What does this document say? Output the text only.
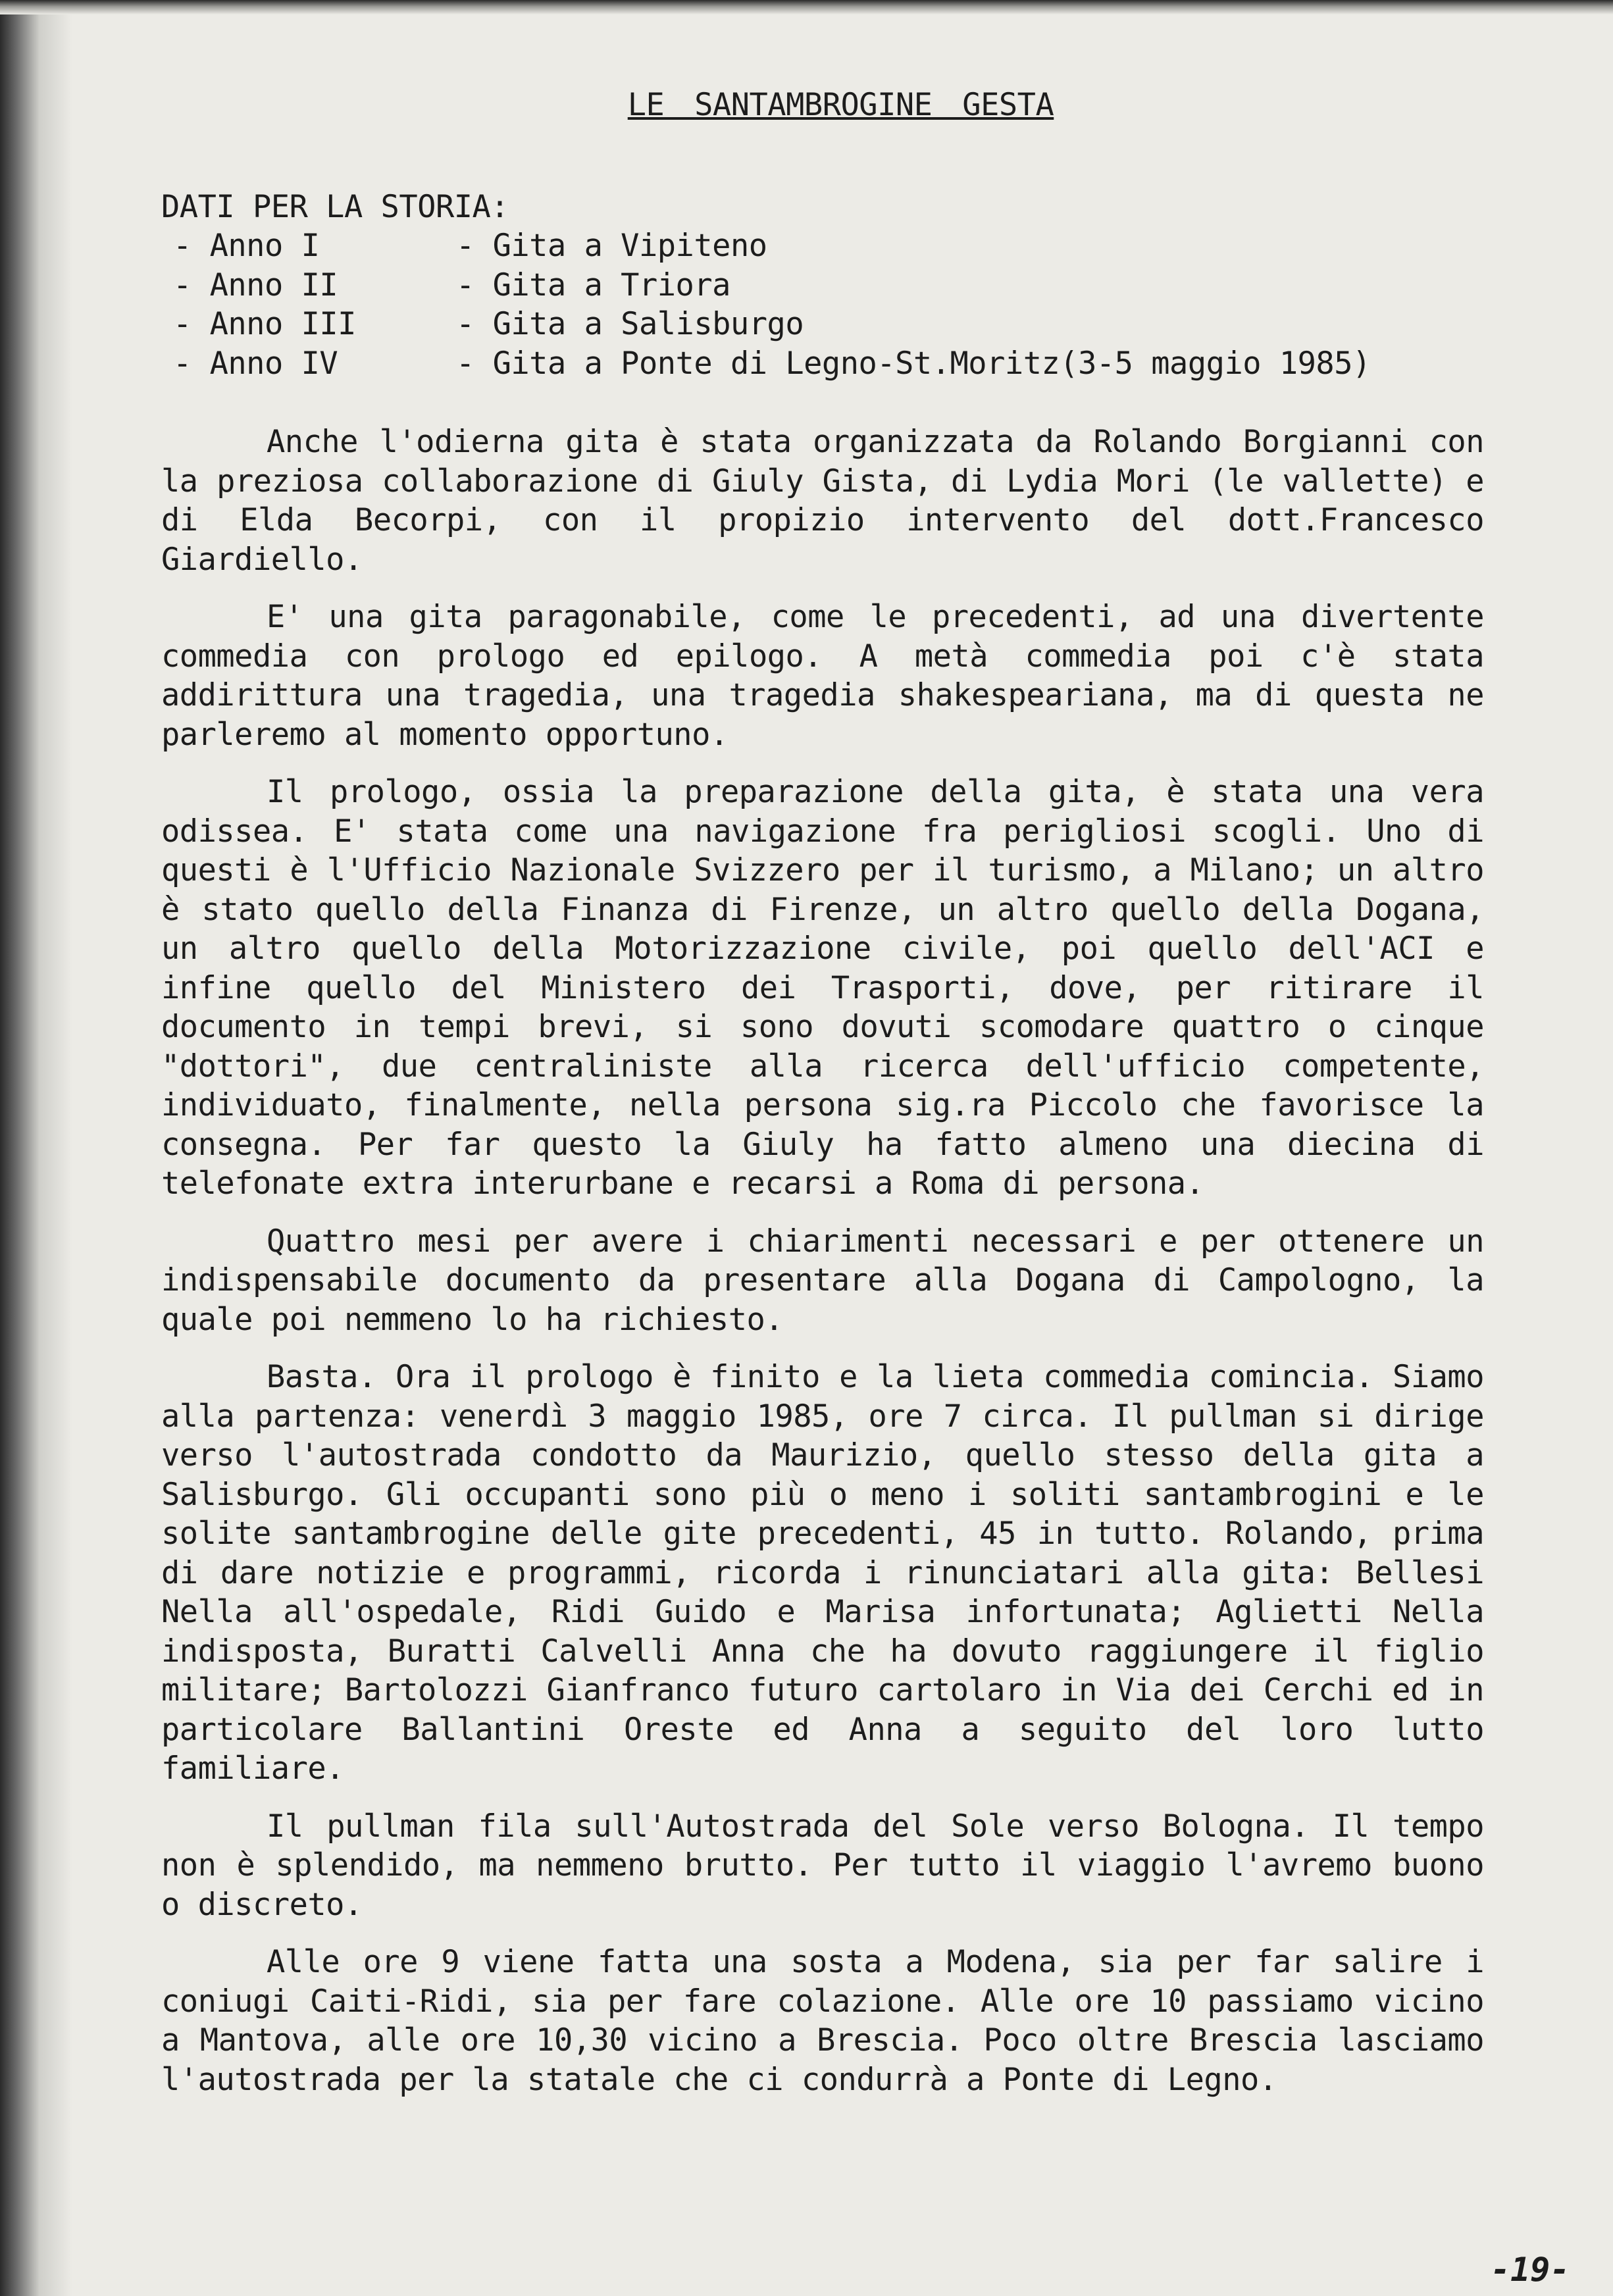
LE SANTAMBROGINE GESTA
DATI PER LA STORIA:
- Anno I	- Gita a Vipiteno
- Anno II	- Gita a Triora
- Anno III	- Gita a Salisburgo
- Anno IV	- Gita a Ponte di Legno-St.Moritz(3-5 maggio 1985)

Anche l'odierna gita è stata organizzata da Rolando Borgianni con la preziosa collaborazione di Giuly Gista, di Lydia Mori (le vallette) e di Elda Becorpi, con il propizio intervento del dott.Francesco Giardiello.

E' una gita paragonabile, come le precedenti, ad una divertente commedia con prologo ed epilogo. A metà commedia poi c'è stata addirittura una tragedia, una tragedia shakespeariana, ma di questa ne parleremo al momento opportuno.

Il prologo, ossia la preparazione della gita, è stata una vera odissea. E' stata come una navigazione fra perigliosi scogli. Uno di questi è l'Ufficio Nazionale Svizzero per il turismo, a Milano; un altro è stato quello della Finanza di Firenze, un altro quello della Dogana, un altro quello della Motorizzazione civile, poi quello dell'ACI e infine quello del Ministero dei Trasporti, dove, per ritirare il documento in tempi brevi, si sono dovuti scomodare quattro o cinque "dottori", due centraliniste alla ricerca dell'ufficio competente, individuato, finalmente, nella persona sig.ra Piccolo che favorisce la consegna. Per far questo la Giuly ha fatto almeno una diecina di telefonate extra interurbane e recarsi a Roma di persona.

Quattro mesi per avere i chiarimenti necessari e per ottenere un indispensabile documento da presentare alla Dogana di Campologno, la quale poi nemmeno lo ha richiesto.

Basta. Ora il prologo è finito e la lieta commedia comincia. Siamo alla partenza: venerdì 3 maggio 1985, ore 7 circa. Il pullman si dirige verso l'autostrada condotto da Maurizio, quello stesso della gita a Salisburgo. Gli occupanti sono più o meno i soliti santambrogini e le solite santambrogine delle gite precedenti, 45 in tutto. Rolando, prima di dare notizie e programmi, ricorda i rinunciatari alla gita: Bellesi Nella all'ospedale, Ridi Guido e Marisa infortunata; Aglietti Nella indisposta, Buratti Calvelli Anna che ha dovuto raggiungere il figlio militare; Bartolozzi Gianfranco futuro cartolaro in Via dei Cerchi ed in particolare Ballantini Oreste ed Anna a seguito del loro lutto familiare.

Il pullman fila sull'Autostrada del Sole verso Bologna. Il tempo non è splendido, ma nemmeno brutto. Per tutto il viaggio l'avremo buono o discreto.

Alle ore 9 viene fatta una sosta a Modena, sia per far salire i coniugi Caiti-Ridi, sia per fare colazione. Alle ore 10 passiamo vicino a Mantova, alle ore 10,30 vicino a Brescia. Poco oltre Brescia lasciamo l'autostrada per la statale che ci condurrà a Ponte di Legno.

-19-
